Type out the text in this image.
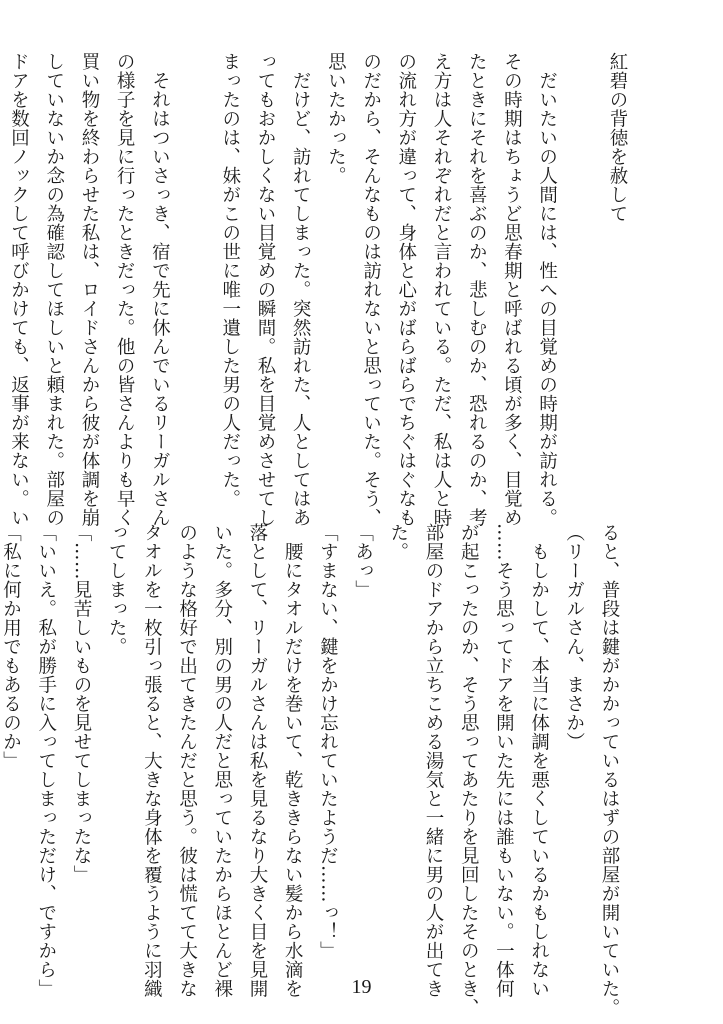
紅碧の背徳を赦して

　だいたいの人間には、性への目覚めの時期が訪れる。
その時期はちょうど思春期と呼ばれる頃が多く、目覚め
たときにそれを喜ぶのか、悲しむのか、恐れるのか、考
え方は人それぞれだと言われている。ただ、私は人と時
の流れ方が違って、身体と心がばらばらでちぐはぐなも
のだから、そんなものは訪れないと思っていた。そう、
思いたかった。
　だけど、訪れてしまった。突然訪れた、人としてはあ
ってもおかしくない目覚めの瞬間。私を目覚めさせてし
まったのは、妹がこの世に唯一遺した男の人だった。

　それはついさっき、宿で先に休んでいるリーガルさん
の様子を見に行ったときだった。他の皆さんよりも早く
買い物を終わらせた私は、ロイドさんから彼が体調を崩
していないか念の為確認してほしいと頼まれた。部屋の
ドアを数回ノックして呼びかけても、返事が来ない。い
ると、普段は鍵がかかっているはずの部屋が開いていた。
（リーガルさん、まさか）
　もしかして、本当に体調を悪くしているかもしれない
……そう思ってドアを開いた先には誰もいない。一体何
が起こったのか、そう思ってあたりを見回したそのとき、
部屋のドアから立ちこめる湯気と一緒に男の人が出てき
た。
「あっ」
「すまない、鍵をかけ忘れていたようだ……っ！」
　腰にタオルだけを巻いて、乾ききらない髪から水滴を
落として、リーガルさんは私を見るなり大きく目を見開
いた。多分、別の男の人だと思っていたからほとんど裸
のような格好で出てきたんだと思う。彼は慌てて大きな
タオルを一枚引っ張ると、大きな身体を覆うように羽織
ってしまった。
「……見苦しいものを見せてしまったな」
「いいえ。私が勝手に入ってしまっただけ、ですから」
「私に何か用でもあるのか」
19
